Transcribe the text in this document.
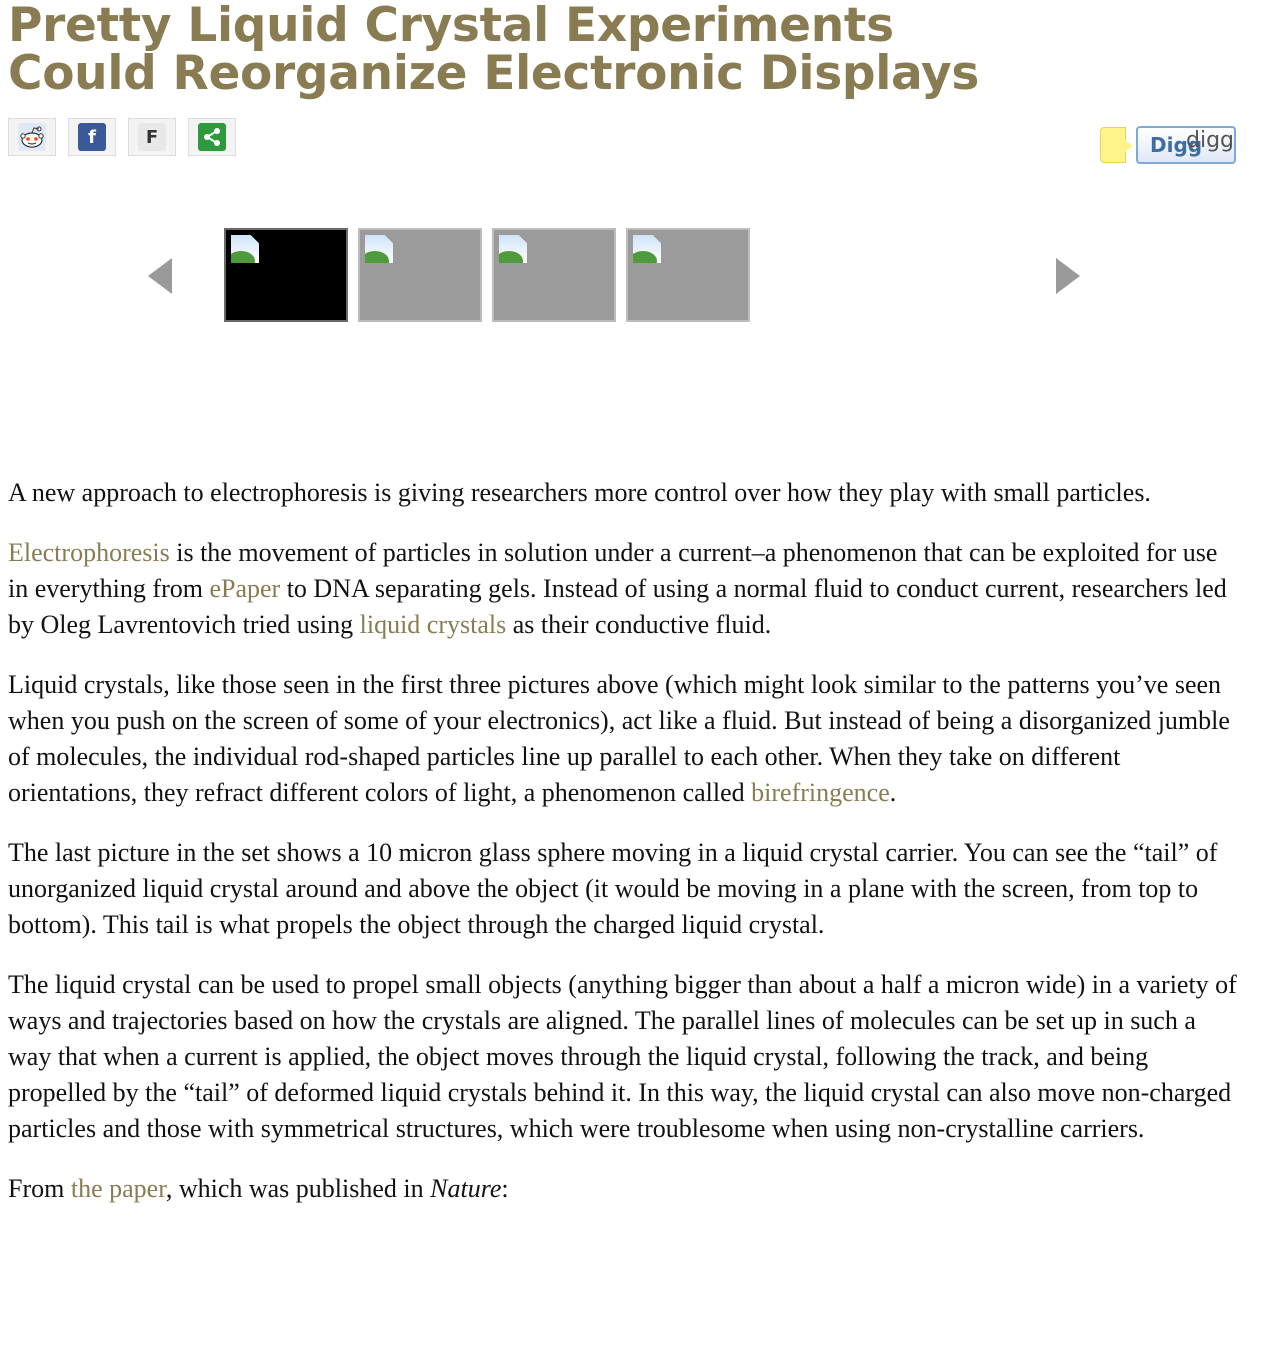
Pretty Liquid Crystal Experiments Could Reorganize Electronic Displays
f	F	Digg
digg

A new approach to electrophoresis is giving researchers more control over how they play with small particles.

Electrophoresis is the movement of particles in solution under a current–a phenomenon that can be exploited for use in everything from ePaper to DNA separating gels. Instead of using a normal fluid to conduct current, researchers led by Oleg Lavrentovich tried using liquid crystals as their conductive fluid.

Liquid crystals, like those seen in the first three pictures above (which might look similar to the patterns you’ve seen when you push on the screen of some of your electronics), act like a fluid. But instead of being a disorganized jumble of molecules, the individual rod-shaped particles line up parallel to each other. When they take on different orientations, they refract different colors of light, a phenomenon called birefringence.

The last picture in the set shows a 10 micron glass sphere moving in a liquid crystal carrier. You can see the “tail” of unorganized liquid crystal around and above the object (it would be moving in a plane with the screen, from top to bottom). This tail is what propels the object through the charged liquid crystal.

The liquid crystal can be used to propel small objects (anything bigger than about a half a micron wide) in a variety of ways and trajectories based on how the crystals are aligned. The parallel lines of molecules can be set up in such a way that when a current is applied, the object moves through the liquid crystal, following the track, and being propelled by the “tail” of deformed liquid crystals behind it. In this way, the liquid crystal can also move non-charged particles and those with symmetrical structures, which were troublesome when using non-crystalline carriers.

From the paper, which was published in Nature:
